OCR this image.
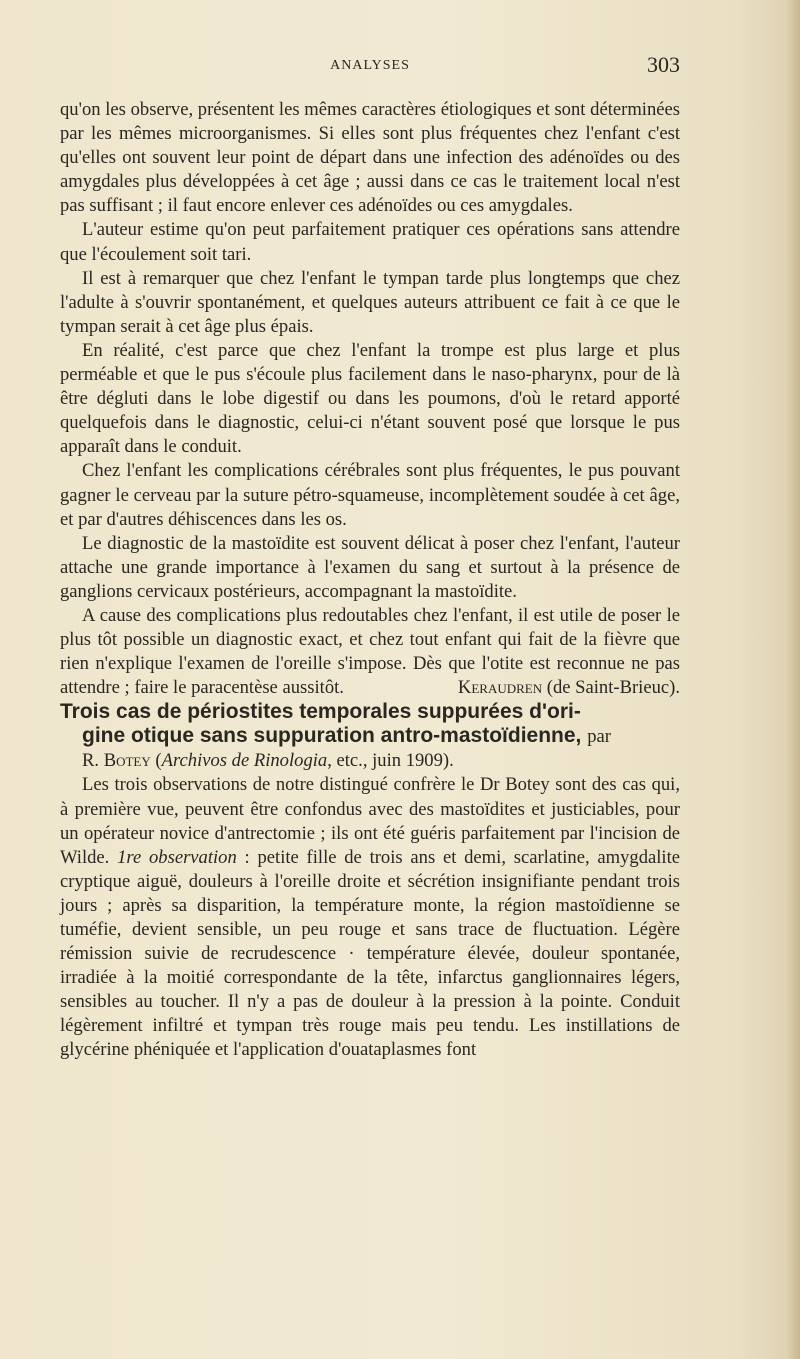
ANALYSES	303

qu'on les observe, présentent les mêmes caractères étiologiques et sont déterminées par les mêmes microorganismes. Si elles sont plus fréquentes chez l'enfant c'est qu'elles ont souvent leur point de départ dans une infection des adénoïdes ou des amygdales plus développées à cet âge ; aussi dans ce cas le traitement local n'est pas suffisant ; il faut encore enlever ces adénoïdes ou ces amygdales.

L'auteur estime qu'on peut parfaitement pratiquer ces opérations sans attendre que l'écoulement soit tari.

Il est à remarquer que chez l'enfant le tympan tarde plus longtemps que chez l'adulte à s'ouvrir spontanément, et quelques auteurs attribuent ce fait à ce que le tympan serait à cet âge plus épais.

En réalité, c'est parce que chez l'enfant la trompe est plus large et plus perméable et que le pus s'écoule plus facilement dans le naso-pharynx, pour de là être dégluti dans le lobe digestif ou dans les poumons, d'où le retard apporté quelquefois dans le diagnostic, celui-ci n'étant souvent posé que lorsque le pus apparaît dans le conduit.

Chez l'enfant les complications cérébrales sont plus fréquentes, le pus pouvant gagner le cerveau par la suture pétro-squameuse, incomplètement soudée à cet âge, et par d'autres déhiscences dans les os.

Le diagnostic de la mastoïdite est souvent délicat à poser chez l'enfant, l'auteur attache une grande importance à l'examen du sang et surtout à la présence de ganglions cervicaux postérieurs, accompagnant la mastoïdite.

A cause des complications plus redoutables chez l'enfant, il est utile de poser le plus tôt possible un diagnostic exact, et chez tout enfant qui fait de la fièvre que rien n'explique l'examen de l'oreille s'impose. Dès que l'otite est reconnue ne pas attendre ; faire le paracentèse aussitôt.	Keraudren (de Saint-Brieuc).

Trois cas de périostites temporales suppurées d'ori-
gine otique sans suppuration antro-mastoïdienne, par

R. Botey (Archivos de Rinologia, etc., juin 1909).

Les trois observations de notre distingué confrère le Dr Botey sont des cas qui, à première vue, peuvent être confondus avec des mastoïdites et justiciables, pour un opérateur novice d'antrectomie ; ils ont été guéris parfaitement par l'incision de Wilde. 1re observation : petite fille de trois ans et demi, scarlatine, amygdalite cryptique aiguë, douleurs à l'oreille droite et sécrétion insignifiante pendant trois jours ; après sa disparition, la température monte, la région mastoïdienne se tuméfie, devient sensible, un peu rouge et sans trace de fluctuation. Légère rémission suivie de recrudescence · température élevée, douleur spontanée, irradiée à la moitié correspondante de la tête, infarctus ganglionnaires légers, sensibles au toucher. Il n'y a pas de douleur à la pression à la pointe. Conduit légèrement infiltré et tympan très rouge mais peu tendu. Les instillations de glycérine phéniquée et l'application d'ouataplasmes font
